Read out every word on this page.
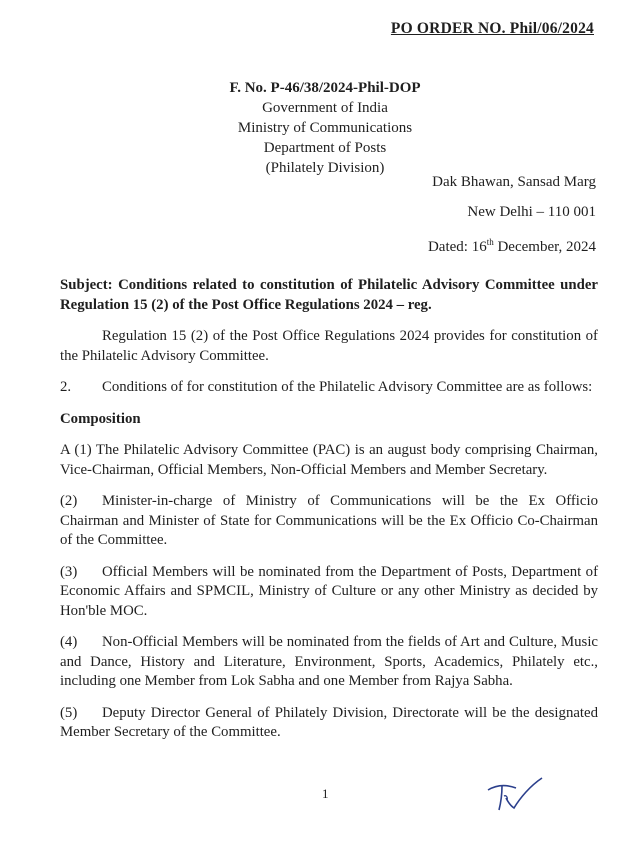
PO ORDER NO. Phil/06/2024
F. No. P-46/38/2024-Phil-DOP
Government of India
Ministry of Communications
Department of Posts
(Philately Division)
Dak Bhawan, Sansad Marg
New Delhi – 110 001
Dated: 16th December, 2024

Subject: Conditions related to constitution of Philatelic Advisory Committee under Regulation 15 (2) of the Post Office Regulations 2024 – reg.

Regulation 15 (2) of the Post Office Regulations 2024 provides for constitution of the Philatelic Advisory Committee.

2. Conditions of for constitution of the Philatelic Advisory Committee are as follows:

Composition

A (1) The Philatelic Advisory Committee (PAC) is an august body comprising Chairman, Vice-Chairman, Official Members, Non-Official Members and Member Secretary.

(2) Minister-in-charge of Ministry of Communications will be the Ex Officio Chairman and Minister of State for Communications will be the Ex Officio Co-Chairman of the Committee.

(3) Official Members will be nominated from the Department of Posts, Department of Economic Affairs and SPMCIL, Ministry of Culture or any other Ministry as decided by Hon'ble MOC.

(4) Non-Official Members will be nominated from the fields of Art and Culture, Music and Dance, History and Literature, Environment, Sports, Academics, Philately etc., including one Member from Lok Sabha and one Member from Rajya Sabha.

(5) Deputy Director General of Philately Division, Directorate will be the designated Member Secretary of the Committee.

1
